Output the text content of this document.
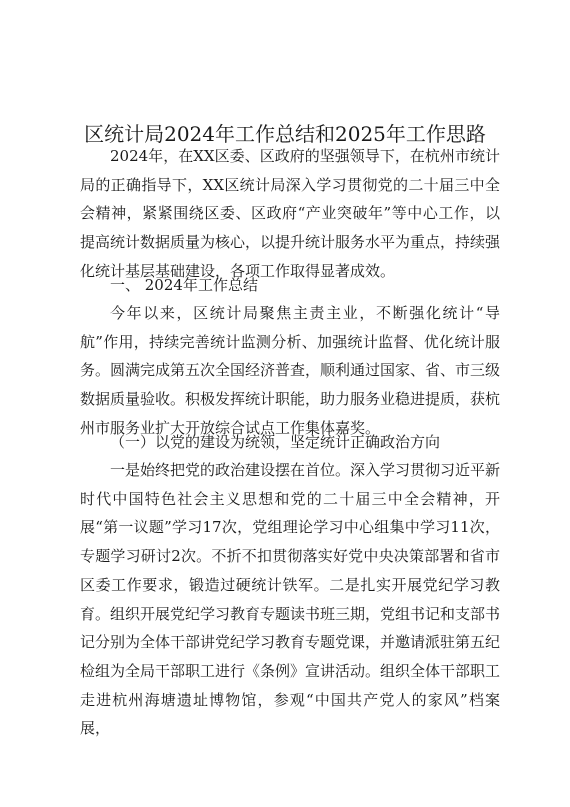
区统计局2024年工作总结和2025年工作思路

2024年，在XX区委、区政府的坚强领导下，在杭州市统计局的正确指导下，XX区统计局深入学习贯彻党的二十届三中全会精神，紧紧围绕区委、区政府“产业突破年”等中心工作，以提高统计数据质量为核心，以提升统计服务水平为重点，持续强化统计基层基础建设，各项工作取得显著成效。

一、 2024年工作总结

今年以来，区统计局聚焦主责主业，不断强化统计“导航”作用，持续完善统计监测分析、加强统计监督、优化统计服务。圆满完成第五次全国经济普查，顺利通过国家、省、市三级数据质量验收。积极发挥统计职能，助力服务业稳进提质，获杭州市服务业扩大开放综合试点工作集体嘉奖。

（一）以党的建设为统领，坚定统计正确政治方向

一是始终把党的政治建设摆在首位。深入学习贯彻习近平新时代中国特色社会主义思想和党的二十届三中全会精神，开展“第一议题”学习17次，党组理论学习中心组集中学习11次，专题学习研讨2次。不折不扣贯彻落实好党中央决策部署和省市区委工作要求，锻造过硬统计铁军。二是扎实开展党纪学习教育。组织开展党纪学习教育专题读书班三期，党组书记和支部书记分别为全体干部讲党纪学习教育专题党课，并邀请派驻第五纪检组为全局干部职工进行《条例》宣讲活动。组织全体干部职工走进杭州海塘遗址博物馆，参观“中国共产党人的家风”档案展，
